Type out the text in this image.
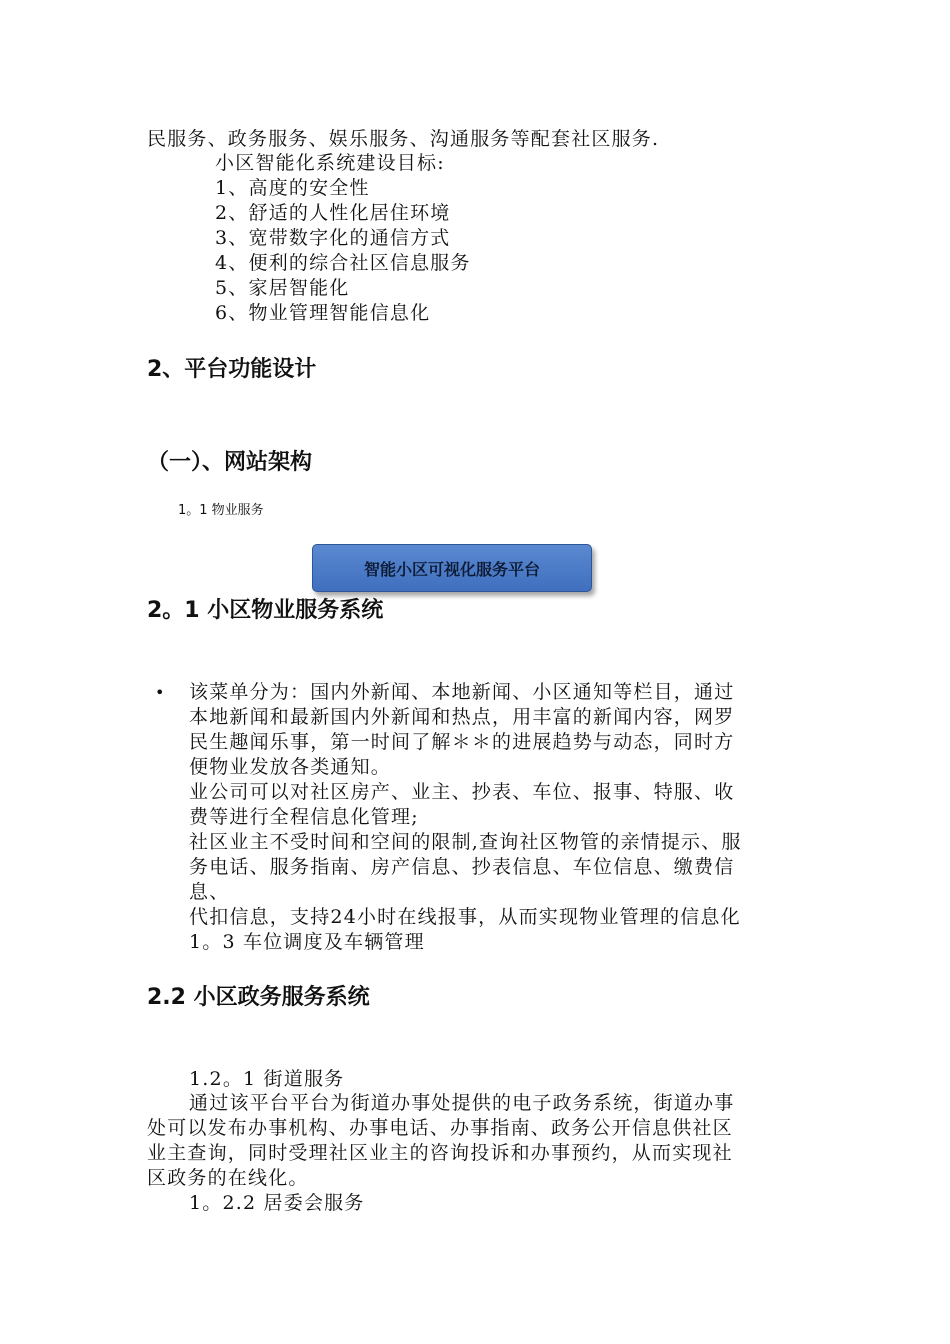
民服务、政务服务、娱乐服务、沟通服务等配套社区服务.
小区智能化系统建设目标:
1、高度的安全性
2、舒适的人性化居住环境
3、宽带数字化的通信方式
4、便利的综合社区信息服务
5、家居智能化
6、物业管理智能信息化
2、平台功能设计
（一）、网站架构
1。1 物业服务
智能小区可视化服务平台
2。1 小区物业服务系统
• 该菜单分为：国内外新闻、本地新闻、小区通知等栏目，通过
本地新闻和最新国内外新闻和热点，用丰富的新闻内容，网罗
民生趣闻乐事，第一时间了解＊＊的进展趋势与动态，同时方
便物业发放各类通知。
业公司可以对社区房产、业主、抄表、车位、报事、特服、收
费等进行全程信息化管理;
社区业主不受时间和空间的限制,查询社区物管的亲情提示、服
务电话、服务指南、房产信息、抄表信息、车位信息、缴费信
息、
代扣信息，支持24小时在线报事，从而实现物业管理的信息化
1。3 车位调度及车辆管理
2.2 小区政务服务系统
1.2。1 街道服务
通过该平台平台为街道办事处提供的电子政务系统，街道办事
处可以发布办事机构、办事电话、办事指南、政务公开信息供社区
业主查询，同时受理社区业主的咨询投诉和办事预约，从而实现社
区政务的在线化。
1。2.2 居委会服务
